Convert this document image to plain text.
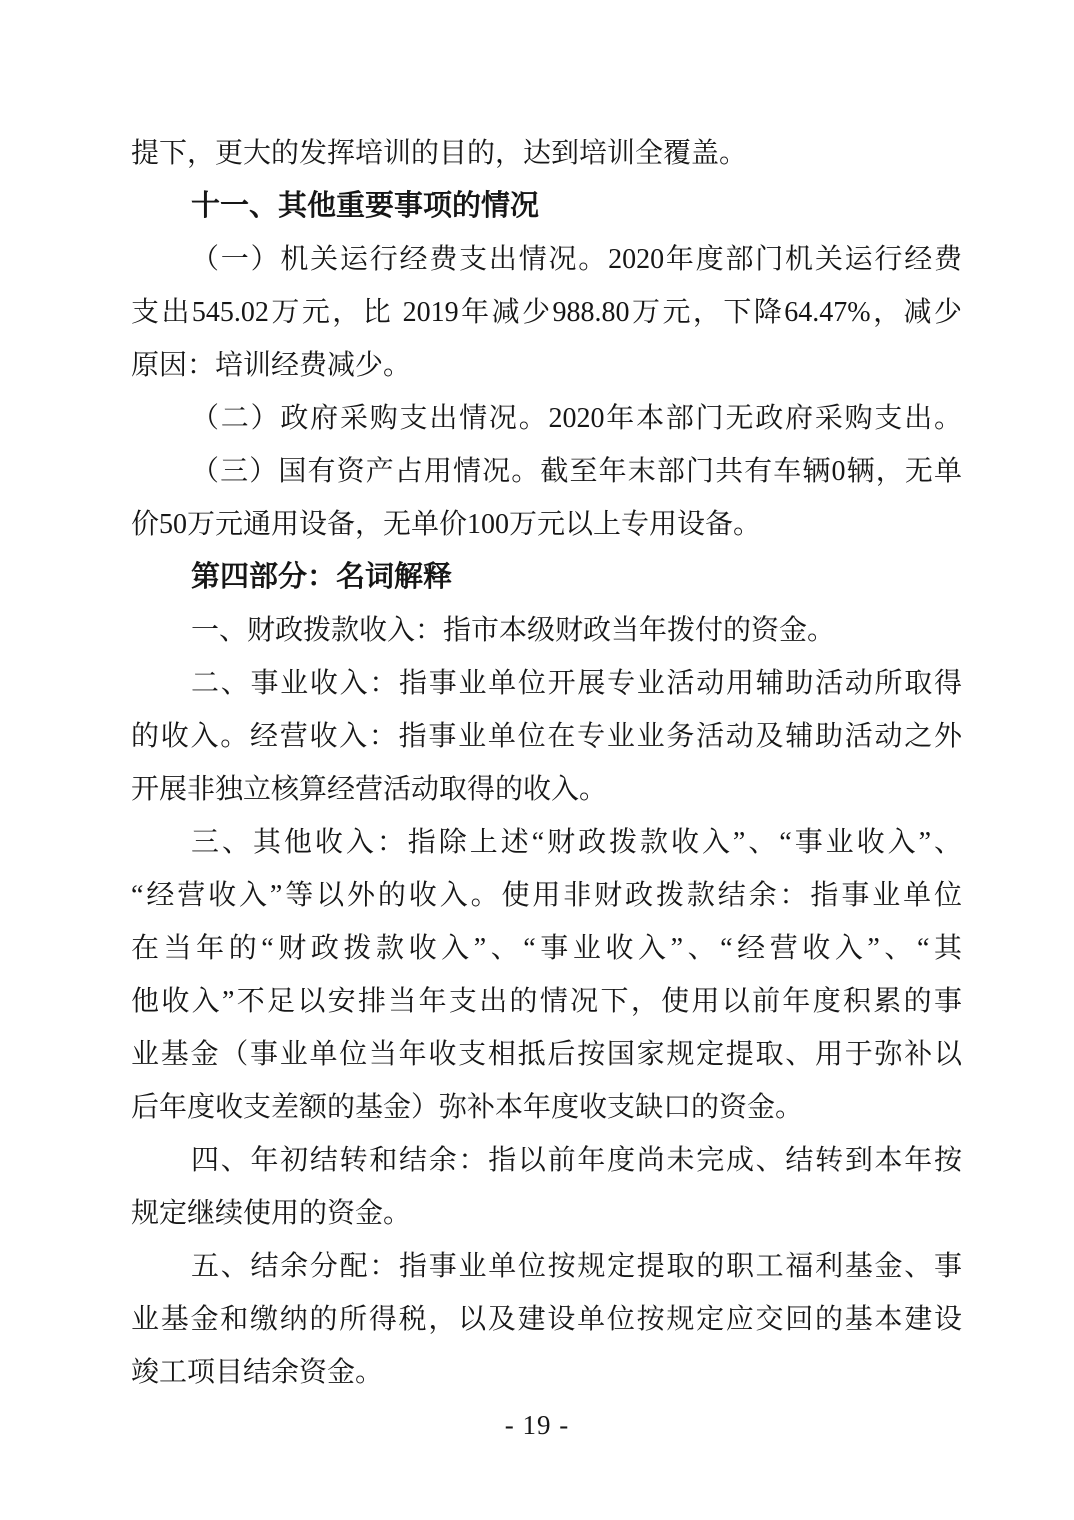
提下，更大的发挥培训的目的，达到培训全覆盖。
十一、其他重要事项的情况
（一）机关运行经费支出情况。2020年度部门机关运行经费
支出545.02万元，比 2019年减少988.80万元，下降64.47%，减少
原因：培训经费减少。
（二）政府采购支出情况。2020年本部门无政府采购支出。
（三）国有资产占用情况。截至年末部门共有车辆0辆，无单
价50万元通用设备，无单价100万元以上专用设备。
第四部分：名词解释
一、财政拨款收入：指市本级财政当年拨付的资金。
二、事业收入：指事业单位开展专业活动用辅助活动所取得
的收入。经营收入：指事业单位在专业业务活动及辅助活动之外
开展非独立核算经营活动取得的收入。
三、其他收入：指除上述“财政拨款收入”、“事业收入”、
“经营收入”等以外的收入。使用非财政拨款结余：指事业单位
在当年的“财政拨款收入”、“事业收入”、“经营收入”、“其
他收入”不足以安排当年支出的情况下，使用以前年度积累的事
业基金（事业单位当年收支相抵后按国家规定提取、用于弥补以
后年度收支差额的基金）弥补本年度收支缺口的资金。
四、年初结转和结余：指以前年度尚未完成、结转到本年按
规定继续使用的资金。
五、结余分配：指事业单位按规定提取的职工福利基金、事
业基金和缴纳的所得税，以及建设单位按规定应交回的基本建设
竣工项目结余资金。
- 19 -
